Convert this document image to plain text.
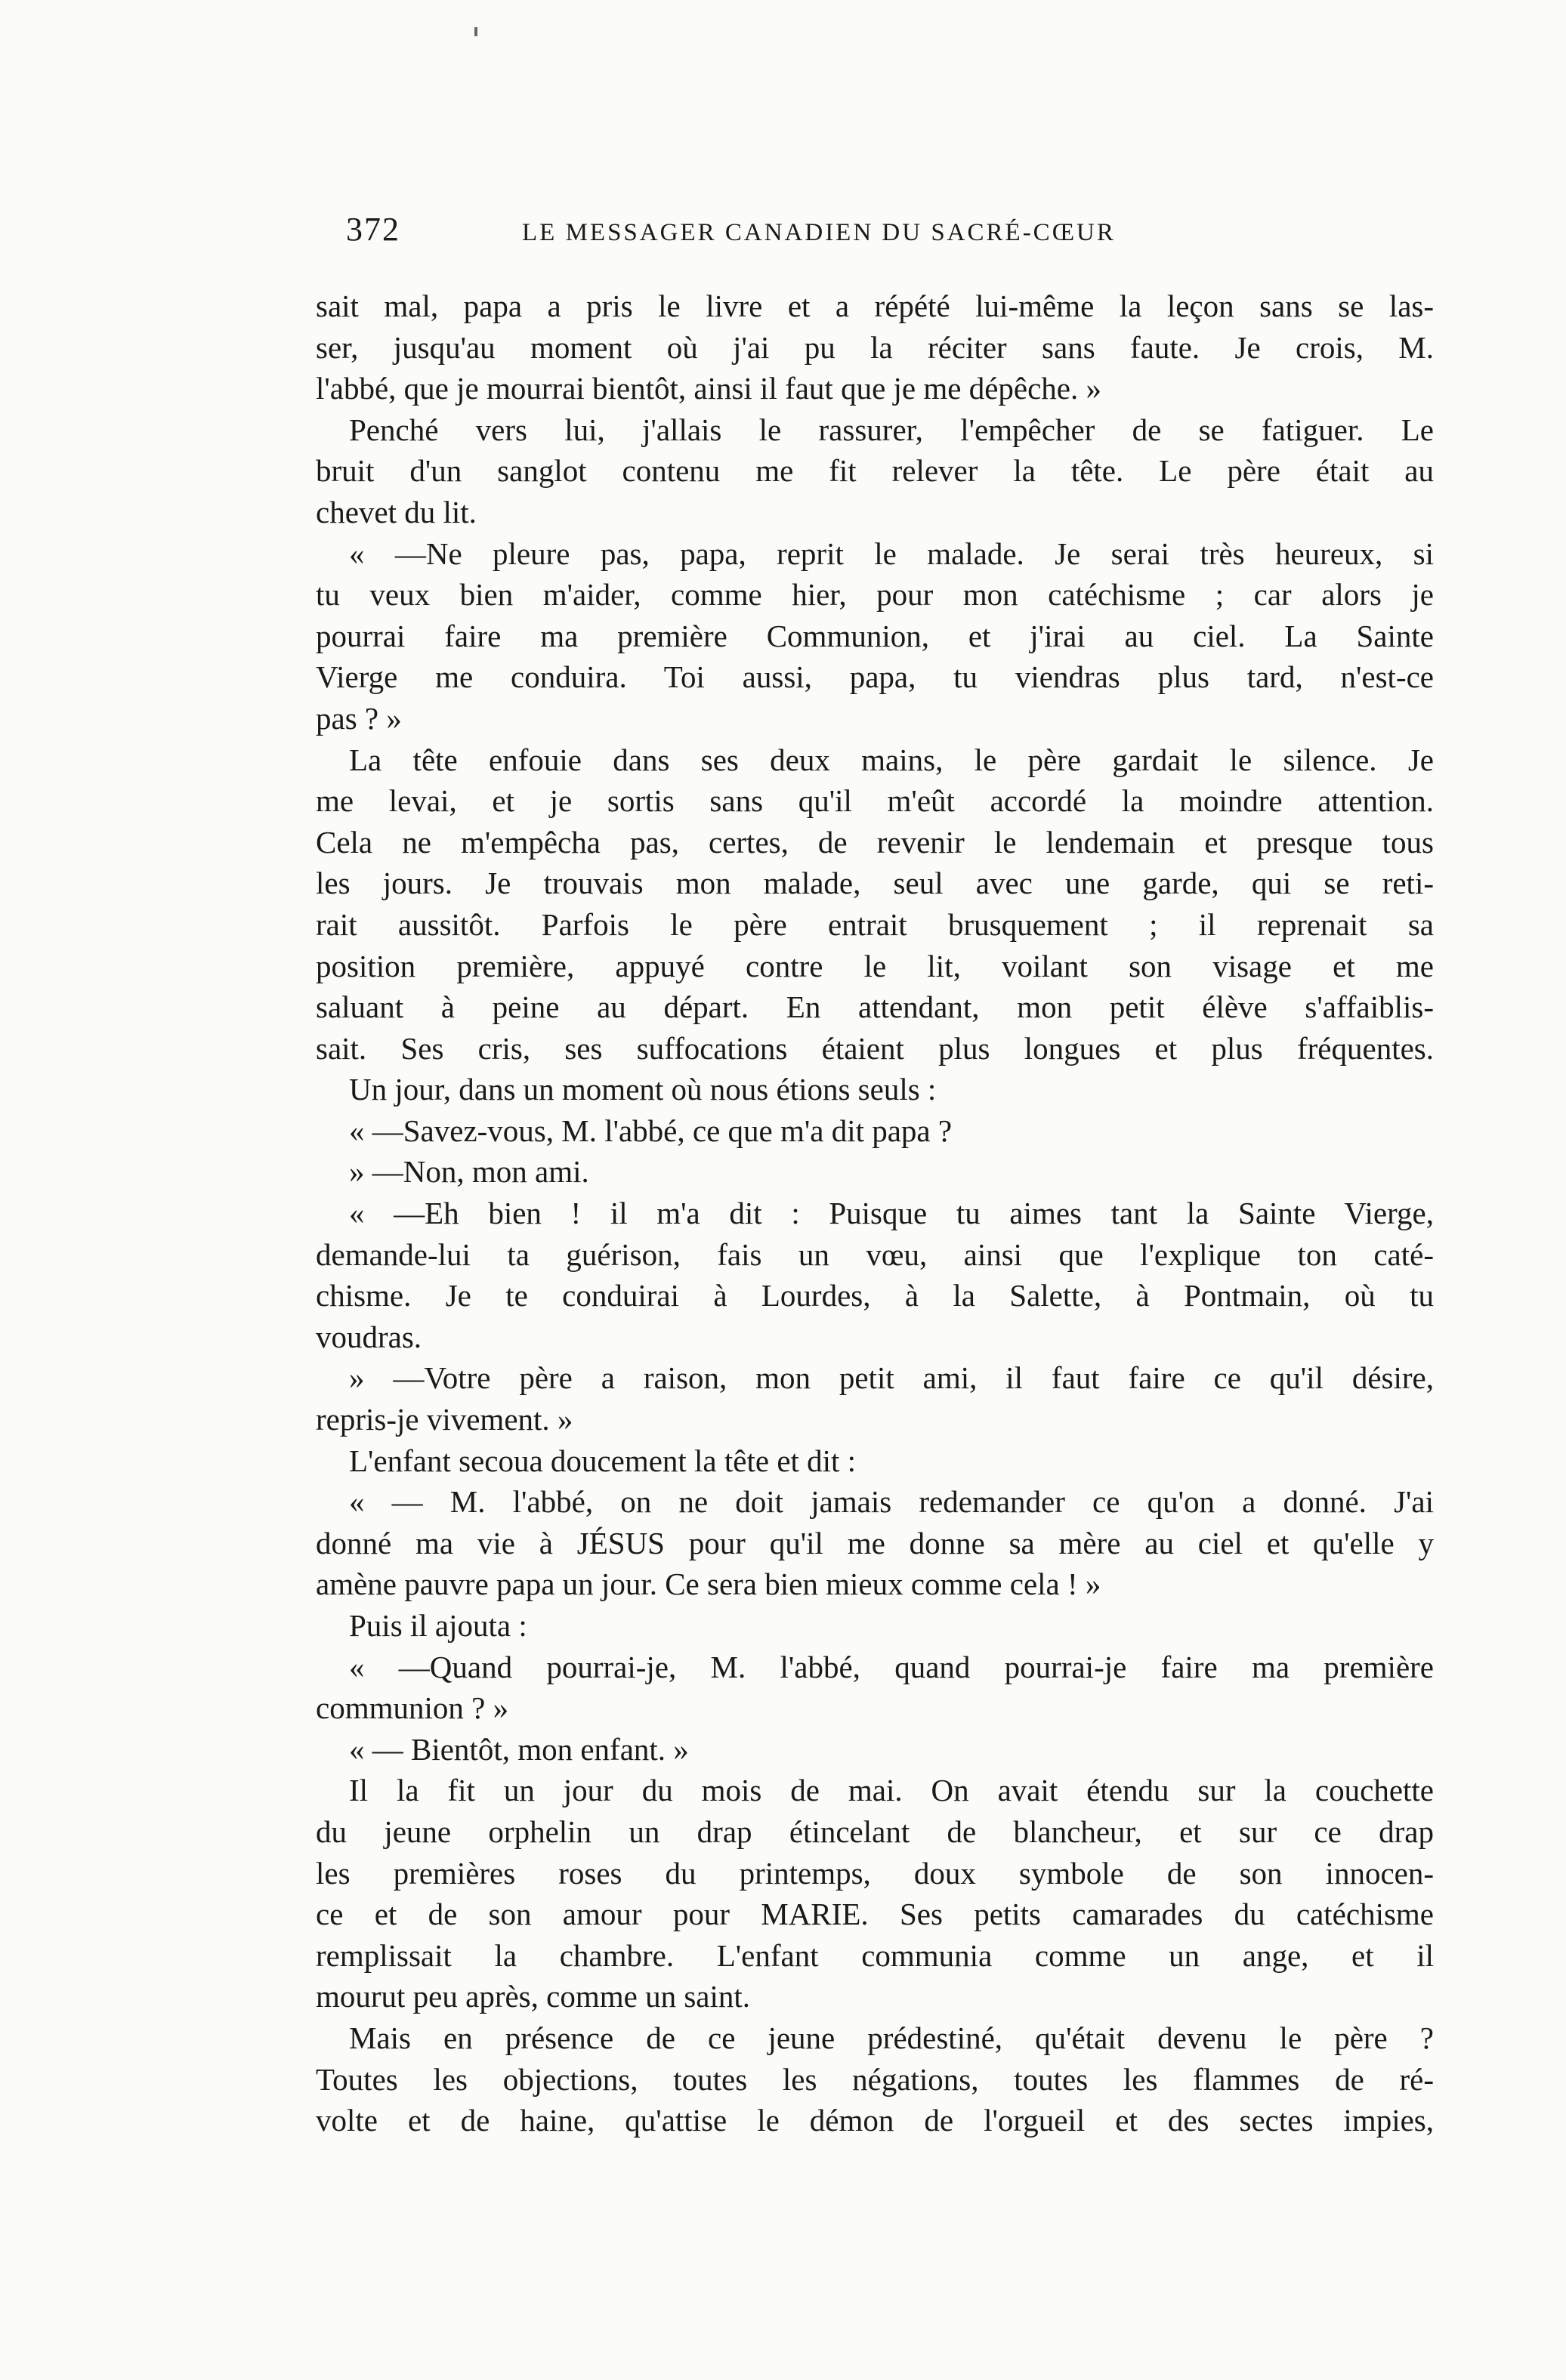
372	LE MESSAGER CANADIEN DU SACRÉ-CŒUR
sait mal, papa a pris le livre et a répété lui-même la leçon sans se las-
ser, jusqu'au moment où j'ai pu la réciter sans faute. Je crois, M.
l'abbé, que je mourrai bientôt, ainsi il faut que je me dépêche. »
Penché vers lui, j'allais le rassurer, l'empêcher de se fatiguer. Le
bruit d'un sanglot contenu me fit relever la tête. Le père était au
chevet du lit.
« —Ne pleure pas, papa, reprit le malade. Je serai très heureux, si
tu veux bien m'aider, comme hier, pour mon catéchisme ; car alors je
pourrai faire ma première Communion, et j'irai au ciel. La Sainte
Vierge me conduira. Toi aussi, papa, tu viendras plus tard, n'est-ce
pas ? »
La tête enfouie dans ses deux mains, le père gardait le silence. Je
me levai, et je sortis sans qu'il m'eût accordé la moindre attention.
Cela ne m'empêcha pas, certes, de revenir le lendemain et presque tous
les jours. Je trouvais mon malade, seul avec une garde, qui se reti-
rait aussitôt. Parfois le père entrait brusquement ; il reprenait sa
position première, appuyé contre le lit, voilant son visage et me
saluant à peine au départ. En attendant, mon petit élève s'affaiblis-
sait. Ses cris, ses suffocations étaient plus longues et plus fréquentes.
Un jour, dans un moment où nous étions seuls :
« —Savez-vous, M. l'abbé, ce que m'a dit papa ?
» —Non, mon ami.
« —Eh bien ! il m'a dit : Puisque tu aimes tant la Sainte Vierge,
demande-lui ta guérison, fais un vœu, ainsi que l'explique ton caté-
chisme. Je te conduirai à Lourdes, à la Salette, à Pontmain, où tu
voudras.
» —Votre père a raison, mon petit ami, il faut faire ce qu'il désire,
repris-je vivement. »
L'enfant secoua doucement la tête et dit :
« — M. l'abbé, on ne doit jamais redemander ce qu'on a donné. J'ai
donné ma vie à JÉSUS pour qu'il me donne sa mère au ciel et qu'elle y
amène pauvre papa un jour. Ce sera bien mieux comme cela ! »
Puis il ajouta :
« —Quand pourrai-je, M. l'abbé, quand pourrai-je faire ma première
communion ? »
« — Bientôt, mon enfant. »
Il la fit un jour du mois de mai. On avait étendu sur la couchette
du jeune orphelin un drap étincelant de blancheur, et sur ce drap
les premières roses du printemps, doux symbole de son innocen-
ce et de son amour pour MARIE. Ses petits camarades du catéchisme
remplissait la chambre. L'enfant communia comme un ange, et il
mourut peu après, comme un saint.
Mais en présence de ce jeune prédestiné, qu'était devenu le père ?
Toutes les objections, toutes les négations, toutes les flammes de ré-
volte et de haine, qu'attise le démon de l'orgueil et des sectes impies,
